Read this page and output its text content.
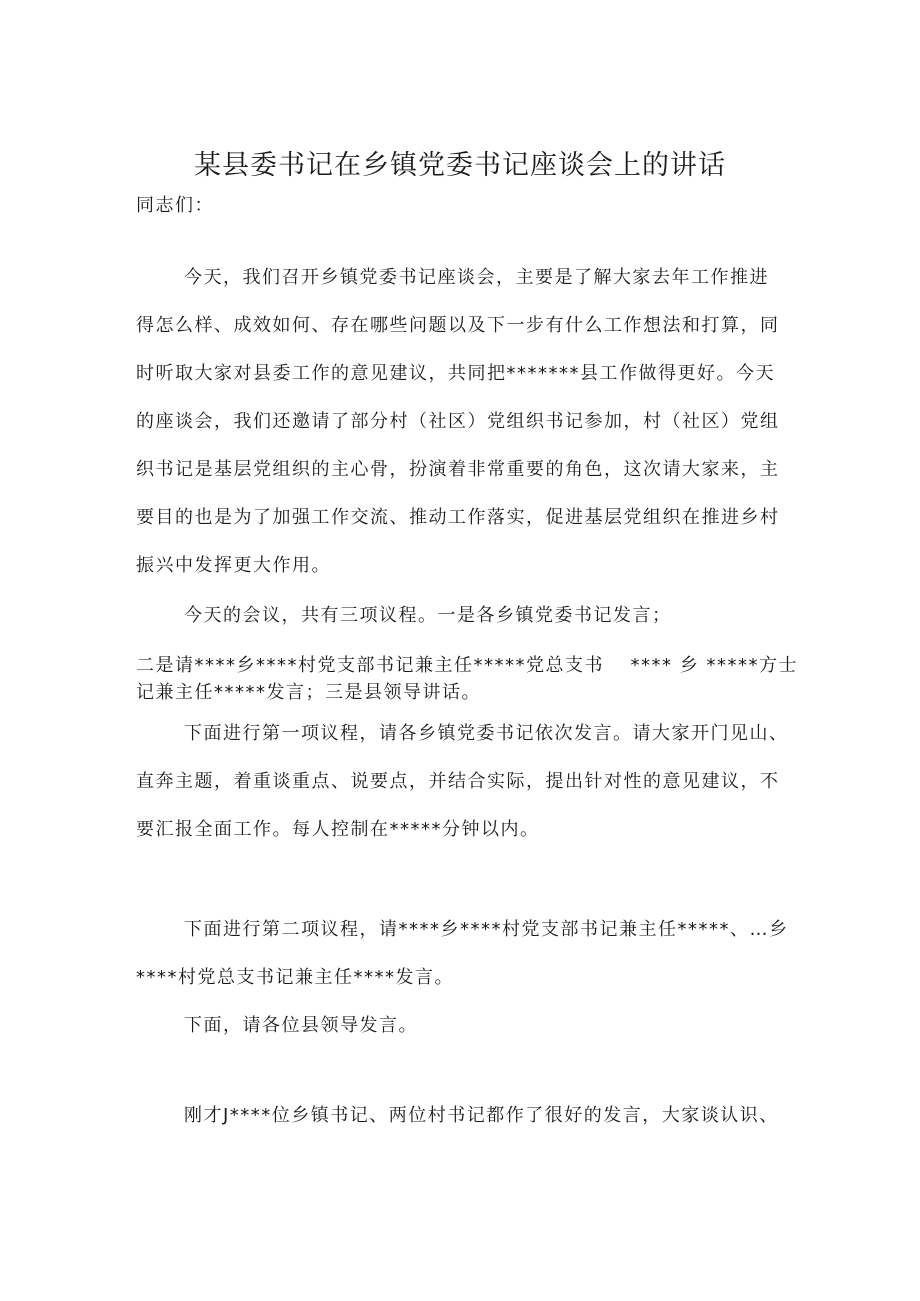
某县委书记在乡镇党委书记座谈会上的讲话
同志们：
今天，我们召开乡镇党委书记座谈会，主要是了解大家去年工作推进
得怎么样、成效如何、存在哪些问题以及下一步有什么工作想法和打算，同
时听取大家对县委工作的意见建议，共同把*******县工作做得更好。今天
的座谈会，我们还邀请了部分村（社区）党组织书记参加，村（社区）党组
织书记是基层党组织的主心骨，扮演着非常重要的角色，这次请大家来，主
要目的也是为了加强工作交流、推动工作落实，促进基层党组织在推进乡村
振兴中发挥更大作用。
今天的会议，共有三项议程。一是各乡镇党委书记发言；
二是请****乡****村党支部书记兼主任*****党总支书	**** 乡 *****方士
记兼主任*****发言；三是县领导讲话。
下面进行第一项议程，请各乡镇党委书记依次发言。请大家开门见山、
直奔主题，着重谈重点、说要点，并结合实际，提出针对性的意见建议，不
要汇报全面工作。每人控制在*****分钟以内。
下面进行第二项议程，请****乡****村党支部书记兼主任*****、…乡
****村党总支书记兼主任****发言。
下面，请各位县领导发言。
刚才J****位乡镇书记、两位村书记都作了很好的发言，大家谈认识、
